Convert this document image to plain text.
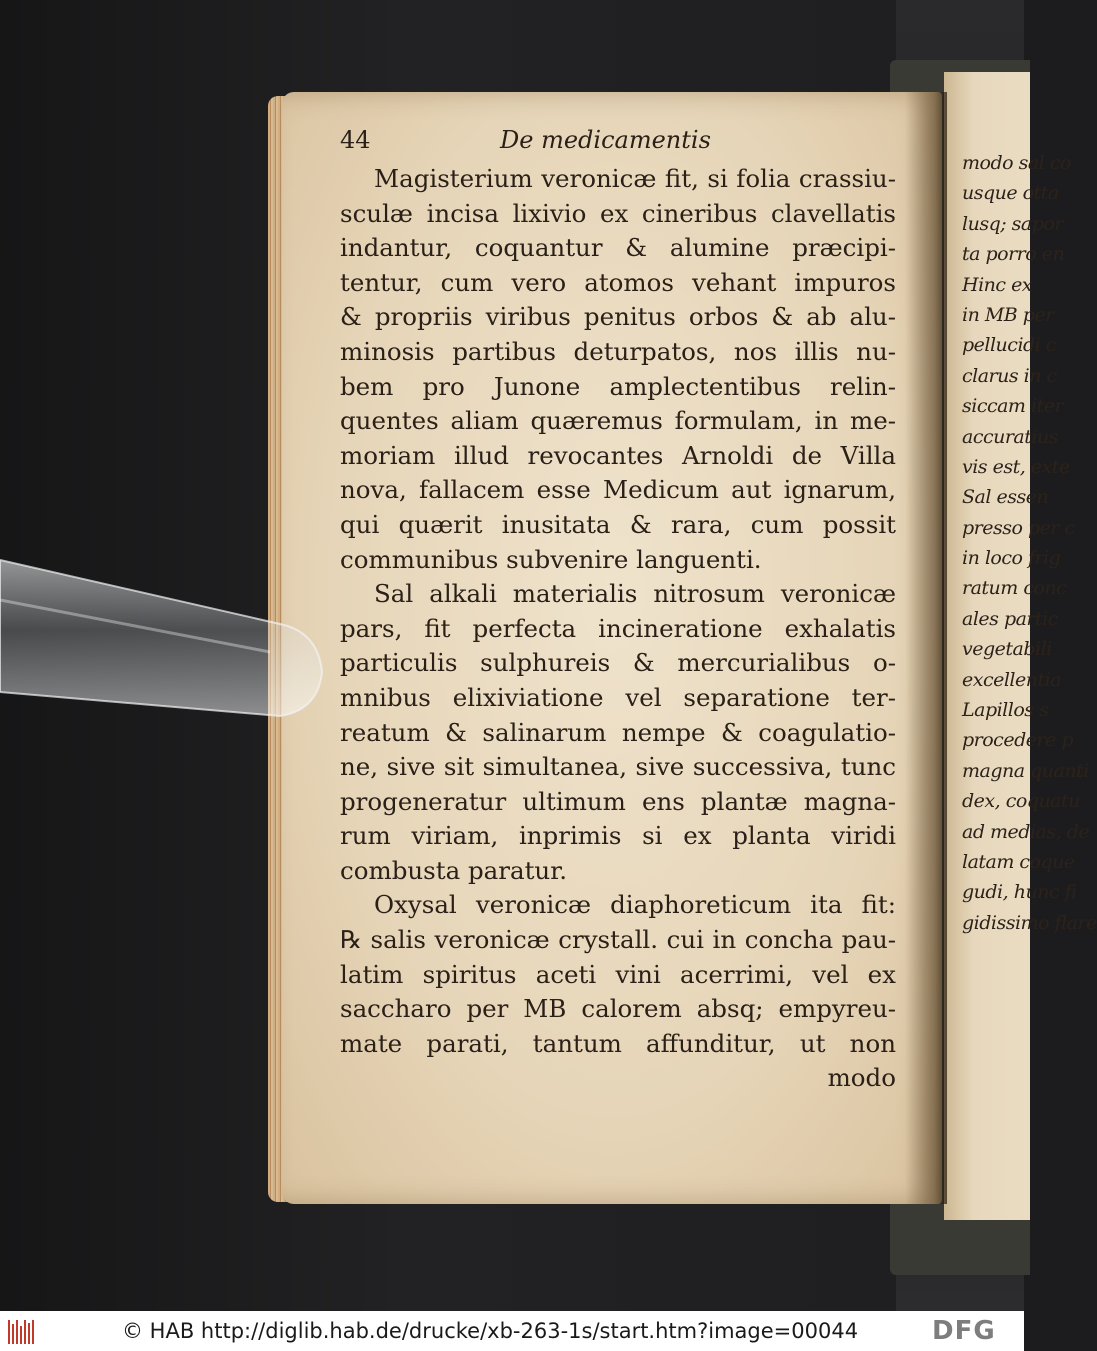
modo sal co
usque otta
lusq; sapor
ta porro en
Hinc ex
in MB per
pellucidi c
clarus in c
siccam iter
accuratius
vis est, exte
Sal essen
presso per c
in loco frig
ratum conc
ales partic
vegetabili
excellentia
Lapillos s
procedere p
magna quanti
dex, coquatu
ad medias, de
latam coque
gudi, hunc fi
gidissimo flare
44	De medicamentis
Magisterium veronicæ fit, si folia crassiu-
sculæ incisa lixivio ex cineribus clavellatis
indantur, coquantur & alumine præcipi-
tentur, cum vero atomos vehant impuros
& propriis viribus penitus orbos & ab alu-
minosis partibus deturpatos, nos illis nu-
bem pro Junone amplectentibus relin-
quentes aliam quæremus formulam, in me-
moriam illud revocantes Arnoldi de Villa
nova, fallacem esse Medicum aut ignarum,
qui quærit inusitata & rara, cum possit
communibus subvenire languenti.
Sal alkali materialis nitrosum veronicæ
pars, fit perfecta incineratione exhalatis
particulis sulphureis & mercurialibus o-
mnibus elixiviatione vel separatione ter-
reatum & salinarum nempe & coagulatio-
ne, sive sit simultanea, sive successiva, tunc
progeneratur ultimum ens plantæ magna-
rum viriam, inprimis si ex planta viridi
combusta paratur.
Oxysal veronicæ diaphoreticum ita fit:
℞ salis veronicæ crystall. cui in concha pau-
latim spiritus aceti vini acerrimi, vel ex
saccharo per MB calorem absq; empyreu-
mate parati, tantum affunditur, ut non
modo
© HAB http://diglib.hab.de/drucke/xb-263-1s/start.htm?image=00044	DFG
